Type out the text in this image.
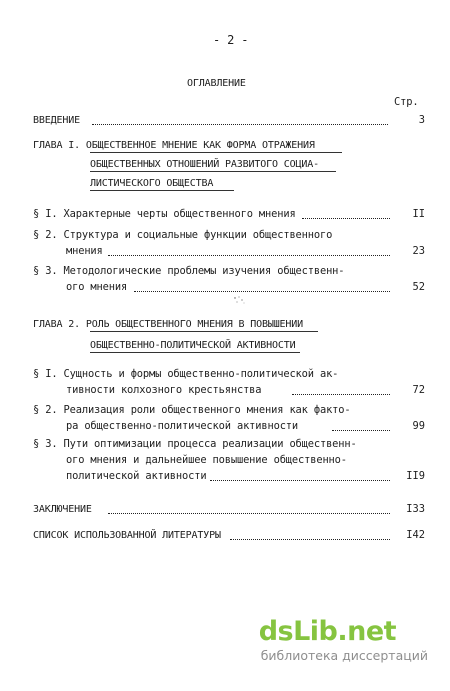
- 2 -
ОГЛАВЛЕНИЕ
Стр.
ВВЕДЕНИЕ	3
ГЛАВА I. ОБЩЕСТВЕННОЕ МНЕНИЕ КАК ФОРМА ОТРАЖЕНИЯ
ОБЩЕСТВЕННЫХ ОТНОШЕНИЙ РАЗВИТОГО СОЦИА-
ЛИСТИЧЕСКОГО ОБЩЕСТВА
§ I. Характерные черты общественного мнения	II
§ 2. Структура и социальные функции общественного
мнения	23
§ 3. Методологические проблемы изучения общественн-
ого мнения	52
ГЛАВА 2. РОЛЬ ОБЩЕСТВЕННОГО МНЕНИЯ В ПОВЫШЕНИИ
ОБЩЕСТВЕННО-ПОЛИТИЧЕСКОЙ АКТИВНОСТИ
§ I. Сущность и формы общественно-политической ак-
тивности колхозного крестьянства	72
§ 2. Реализация роли общественного мнения как факто-
ра общественно-политической активности	99
§ 3. Пути оптимизации процесса реализации общественн-
ого мнения и дальнейшее повышение общественно-
политической активности	II9
ЗАКЛЮЧЕНИЕ	I33
СПИСОК ИСПОЛЬЗОВАННОЙ ЛИТЕРАТУРЫ	I42
dsLib.net
библиотека диссертаций
